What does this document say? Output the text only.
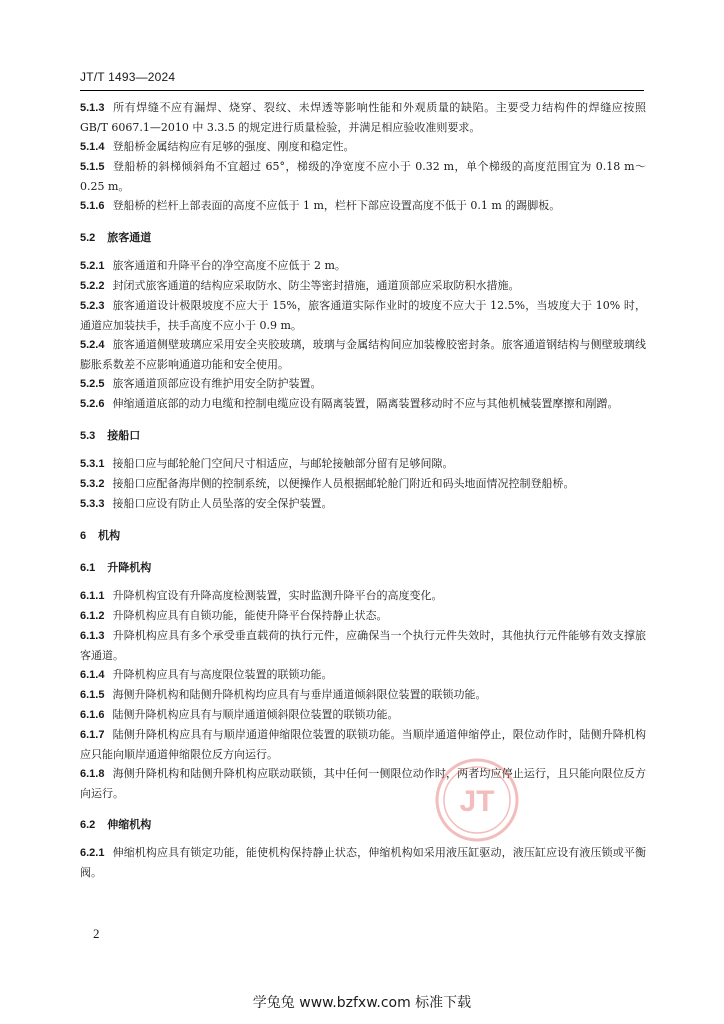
JT/T 1493—2024

5.1.3 所有焊缝不应有漏焊、烧穿、裂纹、未焊透等影响性能和外观质量的缺陷。主要受力结构件的焊缝应按照 GB/T 6067.1—2010 中 3.3.5 的规定进行质量检验，并满足相应验收准则要求。

5.1.4 登船桥金属结构应有足够的强度、刚度和稳定性。

5.1.5 登船桥的斜梯倾斜角不宜超过 65°，梯级的净宽度不应小于 0.32 m，单个梯级的高度范围宜为 0.18 m～0.25 m。

5.1.6 登船桥的栏杆上部表面的高度不应低于 1 m，栏杆下部应设置高度不低于 0.1 m 的踢脚板。

5.2 旅客通道

5.2.1 旅客通道和升降平台的净空高度不应低于 2 m。

5.2.2 封闭式旅客通道的结构应采取防水、防尘等密封措施，通道顶部应采取防积水措施。

5.2.3 旅客通道设计极限坡度不应大于 15%，旅客通道实际作业时的坡度不应大于 12.5%，当坡度大于 10% 时，通道应加装扶手，扶手高度不应小于 0.9 m。

5.2.4 旅客通道侧壁玻璃应采用安全夹胶玻璃，玻璃与金属结构间应加装橡胶密封条。旅客通道钢结构与侧壁玻璃线膨胀系数差不应影响通道功能和安全使用。

5.2.5 旅客通道顶部应设有维护用安全防护装置。

5.2.6 伸缩通道底部的动力电缆和控制电缆应设有隔离装置，隔离装置移动时不应与其他机械装置摩擦和剐蹭。

5.3 接船口

5.3.1 接船口应与邮轮舱门空间尺寸相适应，与邮轮接触部分留有足够间隙。

5.3.2 接船口应配备海岸侧的控制系统，以便操作人员根据邮轮舱门附近和码头地面情况控制登船桥。

5.3.3 接船口应设有防止人员坠落的安全保护装置。

6 机构

6.1 升降机构

6.1.1 升降机构宜设有升降高度检测装置，实时监测升降平台的高度变化。

6.1.2 升降机构应具有自锁功能，能使升降平台保持静止状态。

6.1.3 升降机构应具有多个承受垂直载荷的执行元件，应确保当一个执行元件失效时，其他执行元件能够有效支撑旅客通道。

6.1.4 升降机构应具有与高度限位装置的联锁功能。

6.1.5 海侧升降机构和陆侧升降机构均应具有与垂岸通道倾斜限位装置的联锁功能。

6.1.6 陆侧升降机构应具有与顺岸通道倾斜限位装置的联锁功能。

6.1.7 陆侧升降机构应具有与顺岸通道伸缩限位装置的联锁功能。当顺岸通道伸缩停止，限位动作时，陆侧升降机构应只能向顺岸通道伸缩限位反方向运行。

6.1.8 海侧升降机构和陆侧升降机构应联动联锁，其中任何一侧限位动作时，两者均应停止运行，且只能向限位反方向运行。

6.2 伸缩机构

6.2.1 伸缩机构应具有锁定功能，能使机构保持静止状态，伸缩机构如采用液压缸驱动，液压缸应设有液压锁或平衡阀。

JT
2
学兔兔 www.bzfxw.com 标准下载
